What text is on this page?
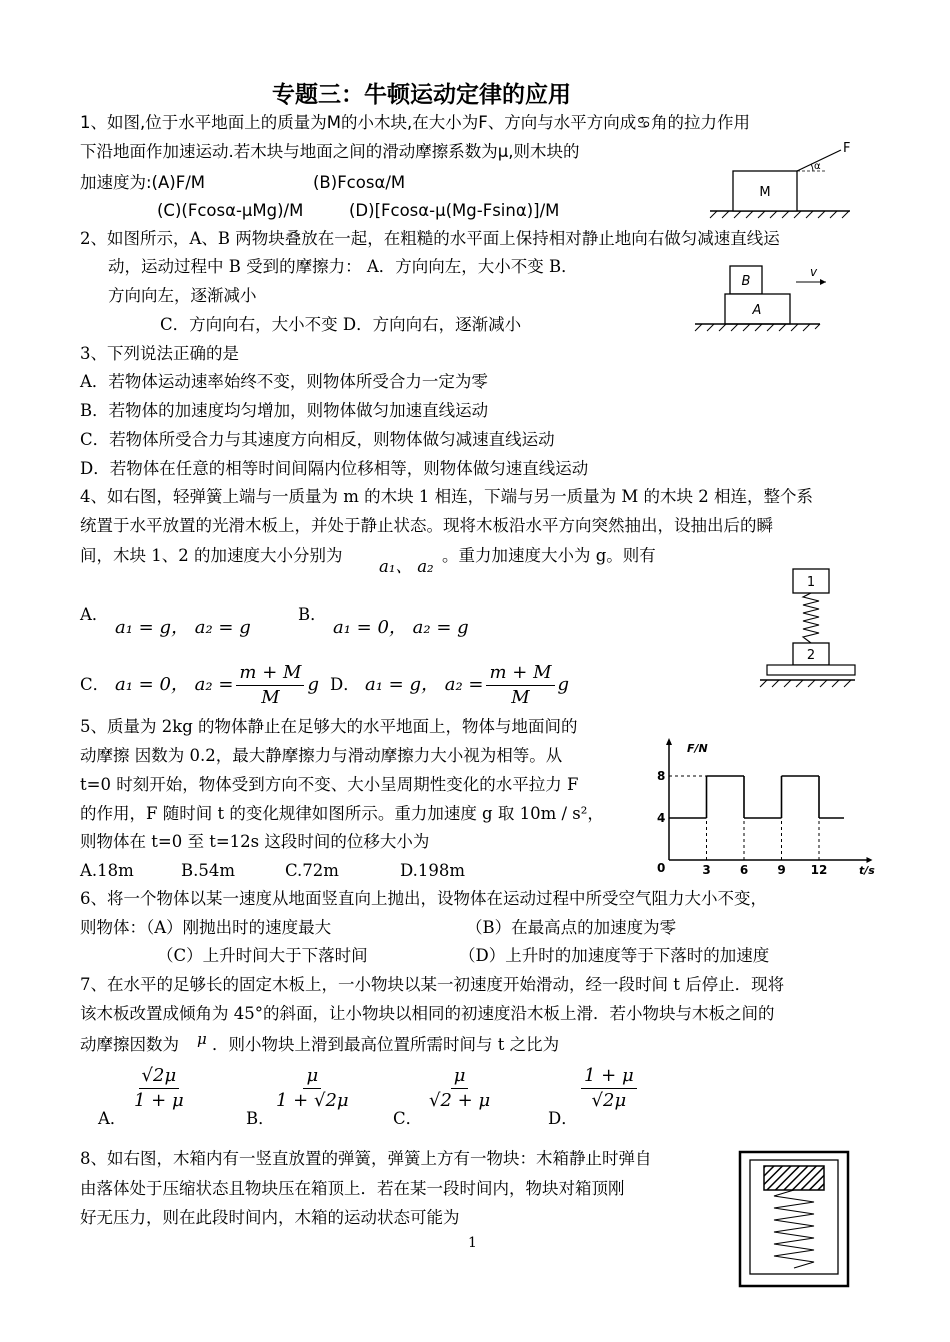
专题三：牛顿运动定律的应用
1、如图,位于水平地面上的质量为M的小木块,在大小为F、方向与水平方向成♋角的拉力作用
下沿地面作加速运动.若木块与地面之间的滑动摩擦系数为μ,则木块的
加速度为:(A)F/M	(B)Fcosα/M
(C)(Fcosα-μMg)/M	(D)[Fcosα-μ(Mg-Fsinα)]/M
M
α
F
2、如图所示，A、B 两物块叠放在一起，在粗糙的水平面上保持相对静止地向右做匀减速直线运
动，运动过程中 B 受到的摩擦力： A．方向向左，大小不变 B．
方向向左，逐渐减小
C．方向向右，大小不变 D．方向向右，逐渐减小
B
A
v
3、下列说法正确的是
A．若物体运动速率始终不变，则物体所受合力一定为零
B．若物体的加速度均匀增加，则物体做匀加速直线运动
C．若物体所受合力与其速度方向相反，则物体做匀减速直线运动
D．若物体在任意的相等时间间隔内位移相等，则物体做匀速直线运动
4、如右图，轻弹簧上端与一质量为 m 的木块 1 相连，下端与另一质量为 M 的木块 2 相连，整个系
统置于水平放置的光滑木板上，并处于静止状态。现将木板沿水平方向突然抽出，设抽出后的瞬
间，木块 1、2 的加速度大小分别为
a₁、 a₂
。重力加速度大小为 g。则有
A．
a₁ = g， a₂ = g
B．
a₁ = 0， a₂ = g
C． a₁ = 0， $a_2 = \frac{m + M}{M}$ g D． a₁ = g， $a_2 = \frac{m + M}{M}$ g
1
2
5、质量为 2kg 的物体静止在足够大的水平地面上，物体与地面间的
动摩擦 因数为 0.2，最大静摩擦力与滑动摩擦力大小视为相等。从
t=0 时刻开始，物体受到方向不变、大小呈周期性变化的水平拉力 F
的作用，F 随时间 t 的变化规律如图所示。重力加速度 g 取 10m / s²，
则物体在 t=0 至 t=12s 这段时间的位移大小为
A.18m	B.54m	C.72m	D.198m
F/N
t/s
0
4
8
3 6 9 12
6、将一个物体以某一速度从地面竖直向上抛出，设物体在运动过程中所受空气阻力大小不变，
则物体：（A）刚抛出时的速度最大	（B）在最高点的加速度为零
（C）上升时间大于下落时间	（D）上升时的加速度等于下落时的加速度
7、在水平的足够长的固定木板上，一小物块以某一初速度开始滑动，经一段时间 t 后停止．现将
该木板改置成倾角为 45°的斜面，让小物块以相同的初速度沿木板上滑．若小物块与木板之间的
动摩擦因数为 μ ．则小物块上滑到最高位置所需时间与 t 之比为
A．
$\frac{√2\mu}{1 + \mu}$
B．
$\frac{\mu}{1 + √2\mu}$
C．
$\frac{\mu}{√2 + \mu}$
D．
$\frac{1 + \mu}{√2\mu}$
8、如右图，木箱内有一竖直放置的弹簧，弹簧上方有一物块：木箱静止时弹自
由落体处于压缩状态且物块压在箱顶上．若在某一段时间内，物块对箱顶刚
好无压力，则在此段时间内，木箱的运动状态可能为
1
